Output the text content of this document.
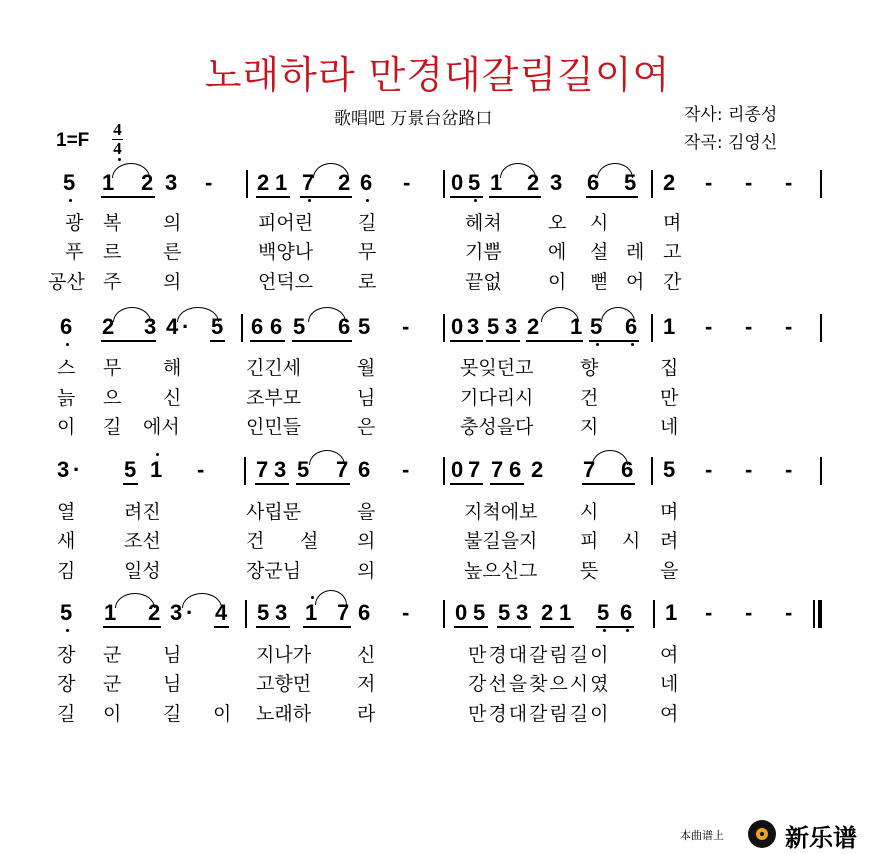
노래하라 만경대갈림길이여
歌唱吧 万景台岔路口	작사: 리종성
작곡: 김영신
1=F
4
4
5 1 2 3 - 2 1 7 2 6 - 0 5 1 2 3 6 5 2 - - -
광 복 의	피어린 길	헤쳐 오 시	며
푸 르 른	백양나 무	기쁨 에 설 레 고
공산 주 의	언덕으 로	끝없 이 뻗 어 간
6 2 3 4 · 5 6 6 5 6 5 - 0 3 5 3 2 1 5 6 1 - - -
스 무 해	긴긴세	월	못잊던고 향	집
늙 으 신	조부모	님	기다리시 건	만
이 길 에서	인민들	은	충성을다 지	네
3 · 5 1 - 7 3 5 7 6 - 0 7 7 6 2 7 6 5 - - -
열	려진	사립문	을	지척에보 시	며
새	조선	건 설 의	불길을지 피 시 려
김	일성	장군님	의	높으신그 뜻	을
5 1 2 3 · 4 5 3 1 7 6 - 0 5 5 3 2 1 5 6 1 - - -
장 군 님	지나가 신	만경대갈림길이	여
장 군 님	고향먼 저	강선을찾으시였	네
길 이 길 이 노래하 라	만경대갈림길이	여
本曲谱上	新乐谱
